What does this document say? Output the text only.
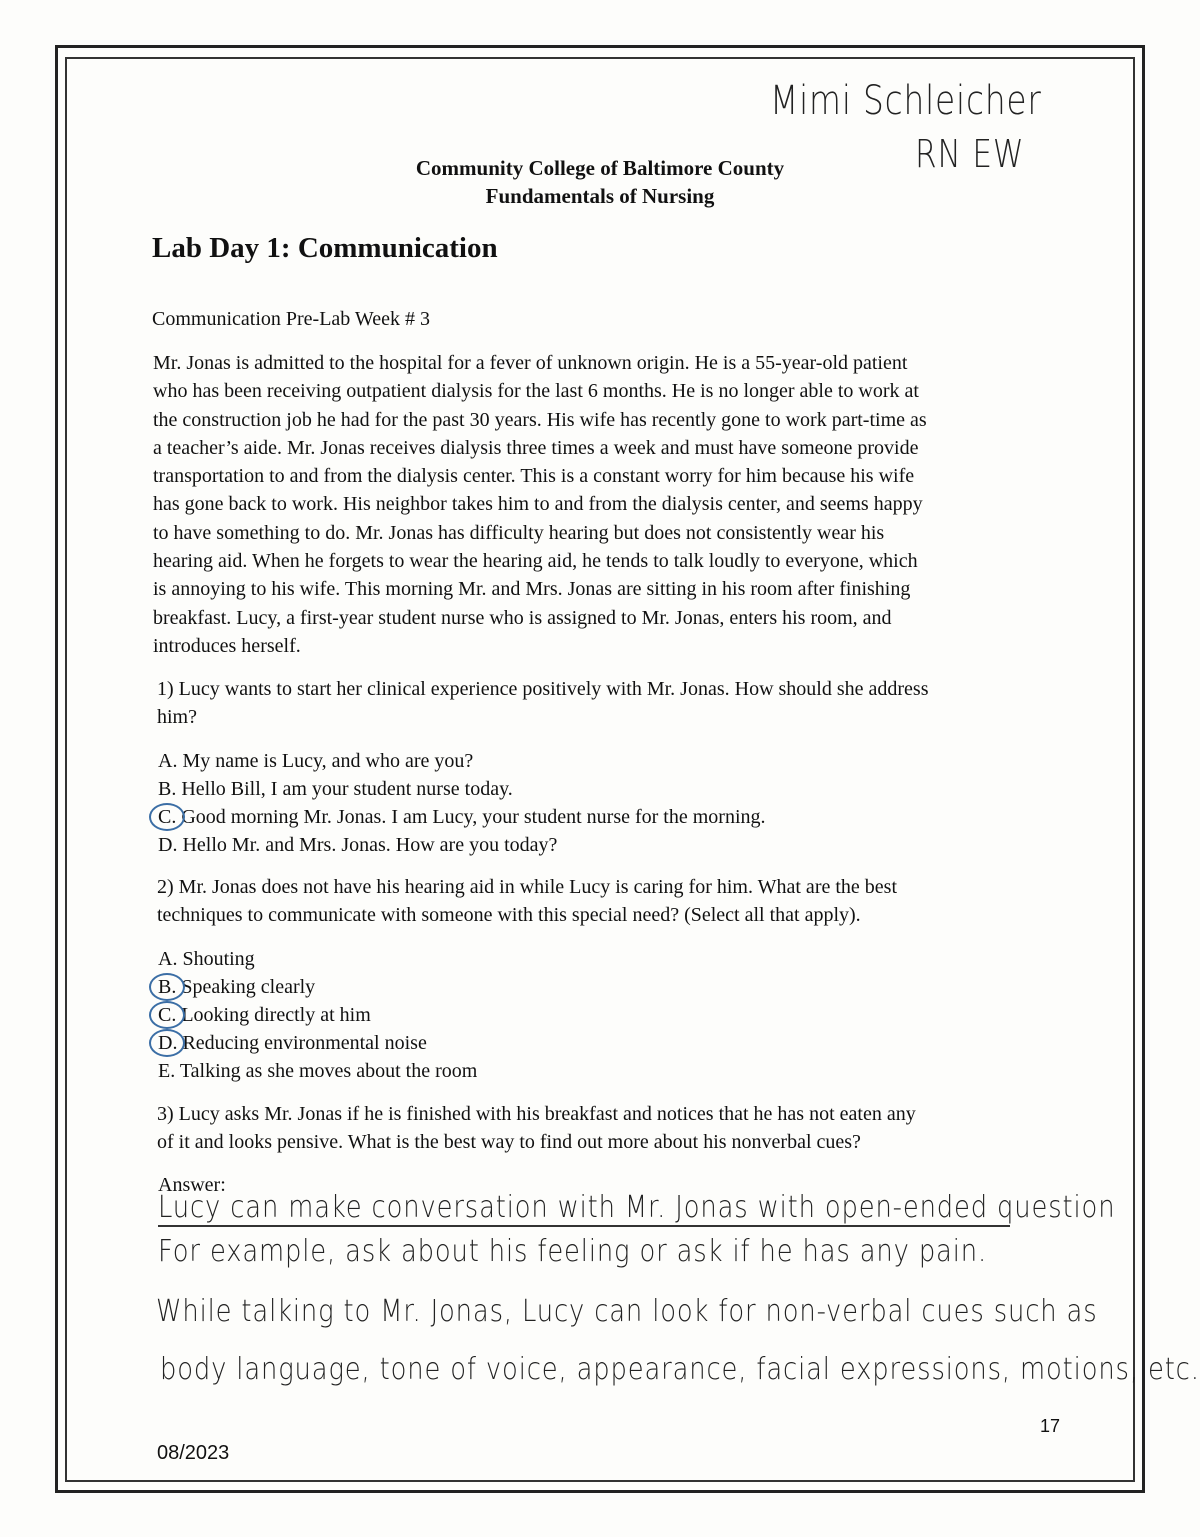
Mimi Schleicher
RN EW
Community College of Baltimore County
Fundamentals of Nursing
Lab Day 1: Communication
Communication Pre-Lab Week # 3
Mr. Jonas is admitted to the hospital for a fever of unknown origin. He is a 55-year-old patient
who has been receiving outpatient dialysis for the last 6 months. He is no longer able to work at
the construction job he had for the past 30 years. His wife has recently gone to work part-time as
a teacher’s aide. Mr. Jonas receives dialysis three times a week and must have someone provide
transportation to and from the dialysis center. This is a constant worry for him because his wife
has gone back to work. His neighbor takes him to and from the dialysis center, and seems happy
to have something to do. Mr. Jonas has difficulty hearing but does not consistently wear his
hearing aid. When he forgets to wear the hearing aid, he tends to talk loudly to everyone, which
is annoying to his wife. This morning Mr. and Mrs. Jonas are sitting in his room after finishing
breakfast. Lucy, a first-year student nurse who is assigned to Mr. Jonas, enters his room, and
introduces herself.
1) Lucy wants to start her clinical experience positively with Mr. Jonas. How should she address
him?
A. My name is Lucy, and who are you?
B. Hello Bill, I am your student nurse today.
C. Good morning Mr. Jonas. I am Lucy, your student nurse for the morning.
D. Hello Mr. and Mrs. Jonas. How are you today?
2) Mr. Jonas does not have his hearing aid in while Lucy is caring for him. What are the best
techniques to communicate with someone with this special need? (Select all that apply).
A. Shouting
B. Speaking clearly
C. Looking directly at him
D. Reducing environmental noise
E. Talking as she moves about the room
3) Lucy asks Mr. Jonas if he is finished with his breakfast and notices that he has not eaten any
of it and looks pensive. What is the best way to find out more about his nonverbal cues?
Answer:
Lucy can make conversation with Mr. Jonas with open-ended question
For example, ask about his feeling or ask if he has any pain.
While talking to Mr. Jonas, Lucy can look for non-verbal cues such as
body language, tone of voice, appearance, facial expressions, motions, etc.
17
08/2023
